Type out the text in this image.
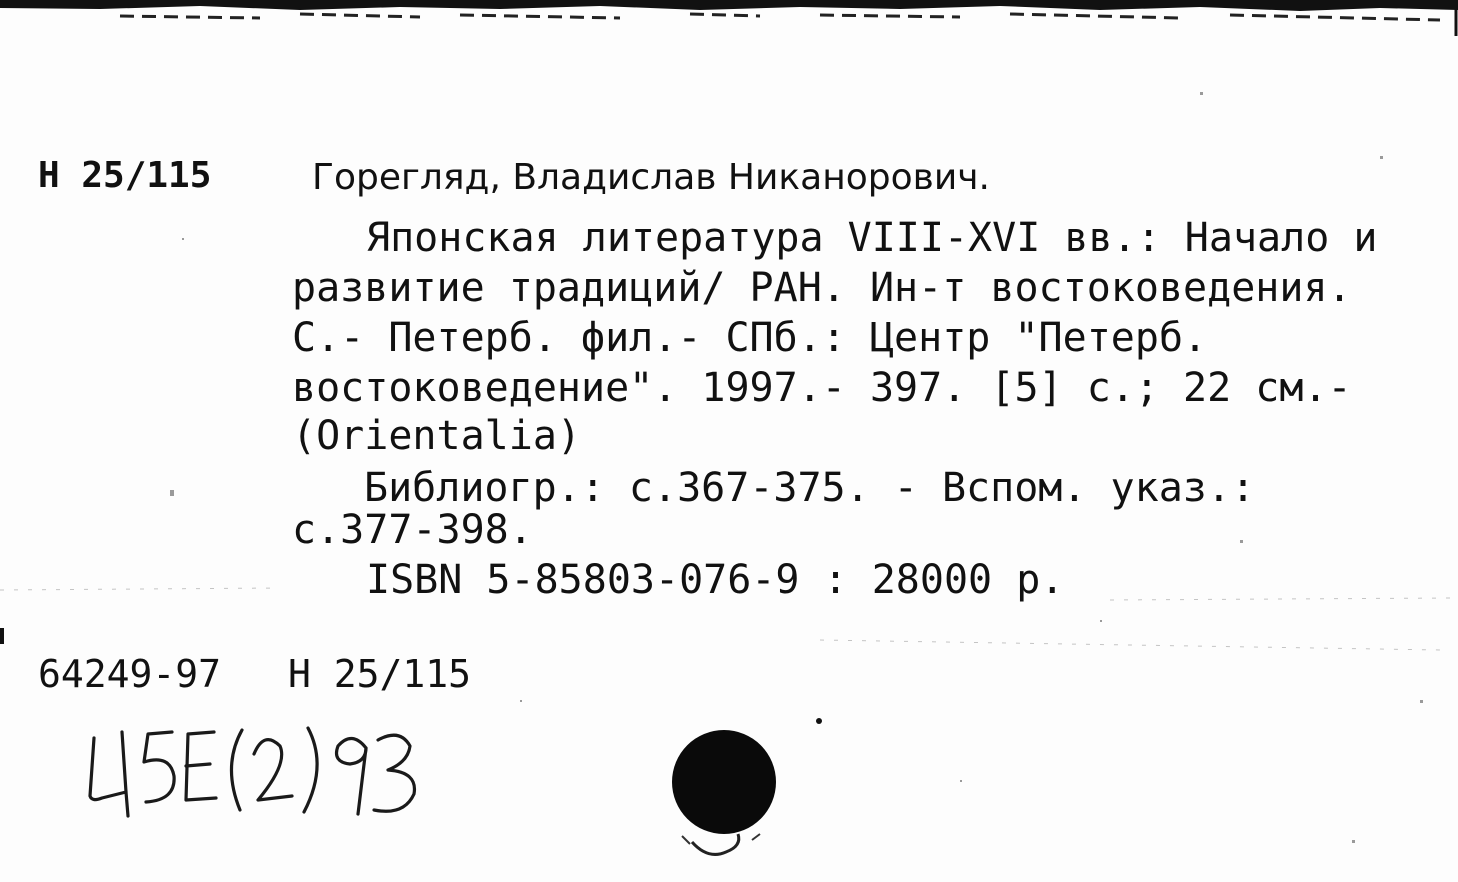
Н 25/115	Горегляд, Владислав Никанорович.
Японская литература VIII-XVI вв.: Начало и
развитие традиций/ РАН. Ин-т востоковедения.
С.- Петерб. фил.- СПб.: Центр "Петерб.
востоковедение". 1997.- 397. [5] с.; 22 см.-
(Orientalia)
Библиогр.: с.367-375. - Вспом. указ.:
с.377-398.
ISBN 5-85803-076-9 : 28000 р.
64249-97 Н 25/115
